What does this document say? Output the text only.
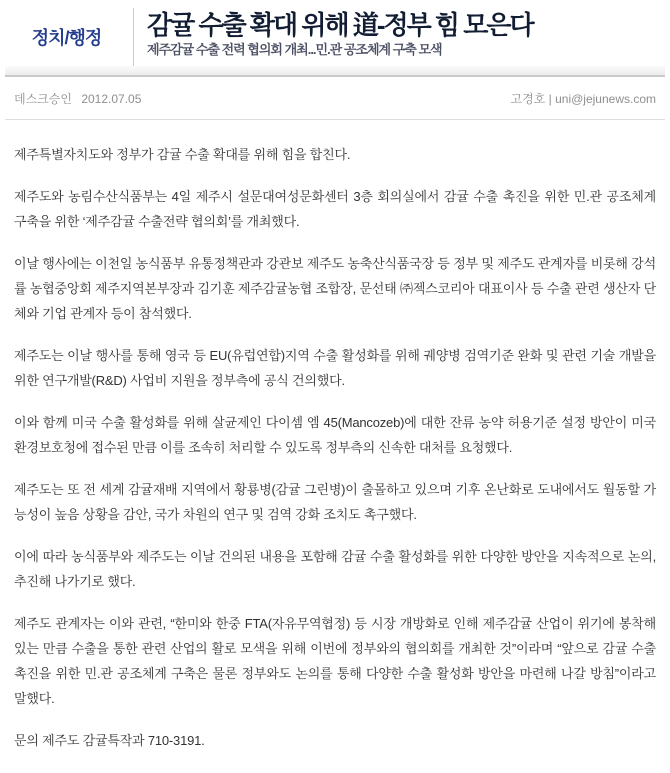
정치/행정 감귤 수출 확대 위해 道-정부 힘 모은다
제주감귤 수출 전력 협의회 개최...민.관 공조체계 구축 모색
데스크승인 2012.07.05	고경호 | uni@jejunews.com

제주특별자치도와 정부가 감귤 수출 확대를 위해 힘을 합친다.

제주도와 농림수산식품부는 4일 제주시 설문대여성문화센터 3층 회의실에서 감귤 수출 촉진을 위한 민.관 공조체계 구축을 위한 ‘제주감귤 수출전략 협의회’를 개최했다.

이날 행사에는 이천일 농식품부 유통정책관과 강관보 제주도 농축산식품국장 등 정부 및 제주도 관계자를 비롯해 강석률 농협중앙회 제주지역본부장과 김기훈 제주감귤농협 조합장, 문선태 ㈜젝스코리아 대표이사 등 수출 관련 생산자 단체와 기업 관계자 등이 참석했다.

제주도는 이날 행사를 통해 영국 등 EU(유럽연합)지역 수출 활성화를 위해 궤양병 검역기준 완화 및 관련 기술 개발을 위한 연구개발(R&D) 사업비 지원을 정부측에 공식 건의했다.

이와 함께 미국 수출 활성화를 위해 살균제인 다이셈 엠 45(Mancozeb)에 대한 잔류 농약 허용기준 설정 방안이 미국 환경보호청에 접수된 만큼 이를 조속히 처리할 수 있도록 정부측의 신속한 대처를 요청했다.

제주도는 또 전 세계 감귤재배 지역에서 황룡병(감귤 그린병)이 출몰하고 있으며 기후 온난화로 도내에서도 월동할 가능성이 높음 상황을 감안, 국가 차원의 연구 및 검역 강화 조치도 촉구했다.

이에 따라 농식품부와 제주도는 이날 건의된 내용을 포함해 감귤 수출 활성화를 위한 다양한 방안을 지속적으로 논의, 추진해 나가기로 했다.

제주도 관계자는 이와 관련, “한미와 한중 FTA(자유무역협정) 등 시장 개방화로 인해 제주감귤 산업이 위기에 봉착해 있는 만큼 수출을 통한 관련 산업의 활로 모색을 위해 이번에 정부와의 협의회를 개최한 것”이라며 “앞으로 감귤 수출 촉진을 위한 민.관 공조체계 구축은 물론 정부와도 논의를 통해 다양한 수출 활성화 방안을 마련해 나갈 방침”이라고 말했다.

문의 제주도 감귤특작과 710-3191.
